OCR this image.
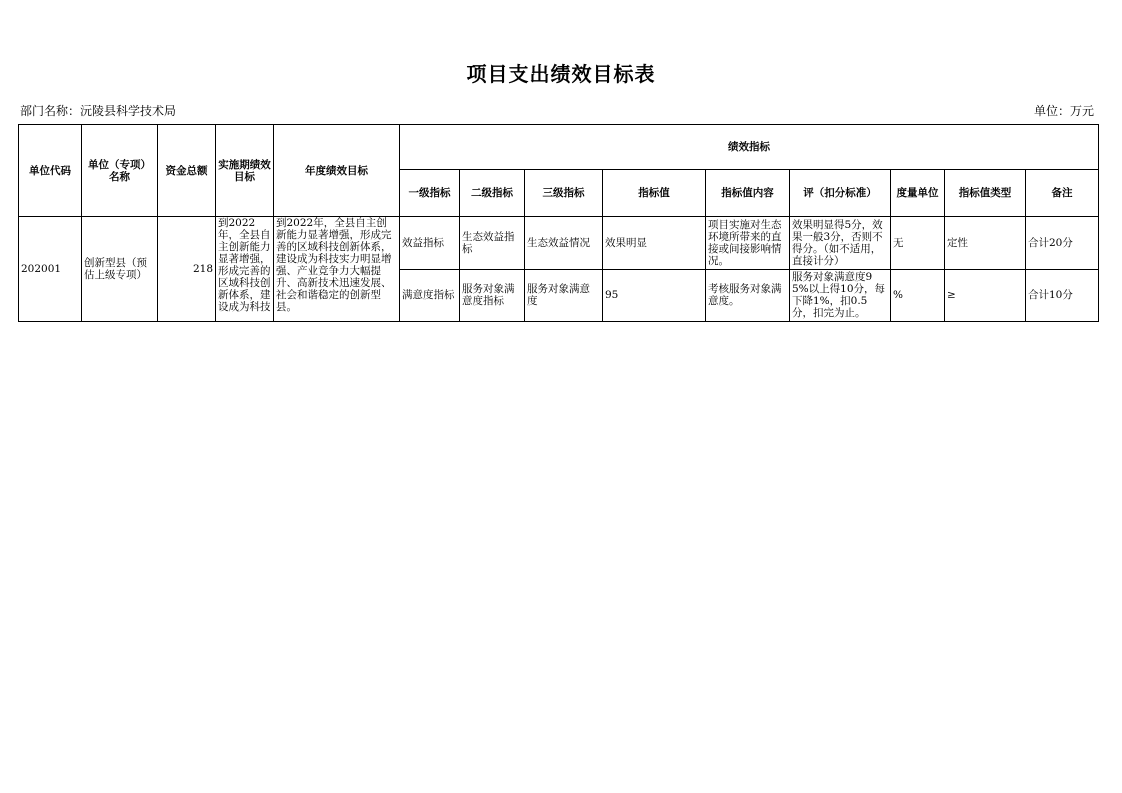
项目支出绩效目标表
部门名称：沅陵县科学技术局	单位：万元
单位代码	单位（专项）名称	资金总额	实施期绩效目标	年度绩效目标	绩效指标								
					一级指标	二级指标	三级指标	指标值	指标值内容	评（扣分标准）	度量单位	指标值类型	备注
202001	创新型县（预估上级专项）	218	到2022年，全县自主创新能力显著增强，形成完善的区域科技创新体系，建设成为科技	到2022年，全县自主创新能力显著增强，形成完善的区域科技创新体系，建设成为科技实力明显增强、产业竞争力大幅提升、高新技术迅速发展、社会和谐稳定的创新型县。	效益指标	生态效益指标	生态效益情况	效果明显	项目实施对生态环境所带来的直接或间接影响情况。	效果明显得5分，效果一般3分，否则不得分。（如不适用，直接计分）	无	定性	合计20分
					满意度指标	服务对象满意度指标	服务对象满意度	95	考核服务对象满意度。	服务对象满意度95%以上得10分，每下降1%，扣0.5分，扣完为止。	%	≥	合计10分
